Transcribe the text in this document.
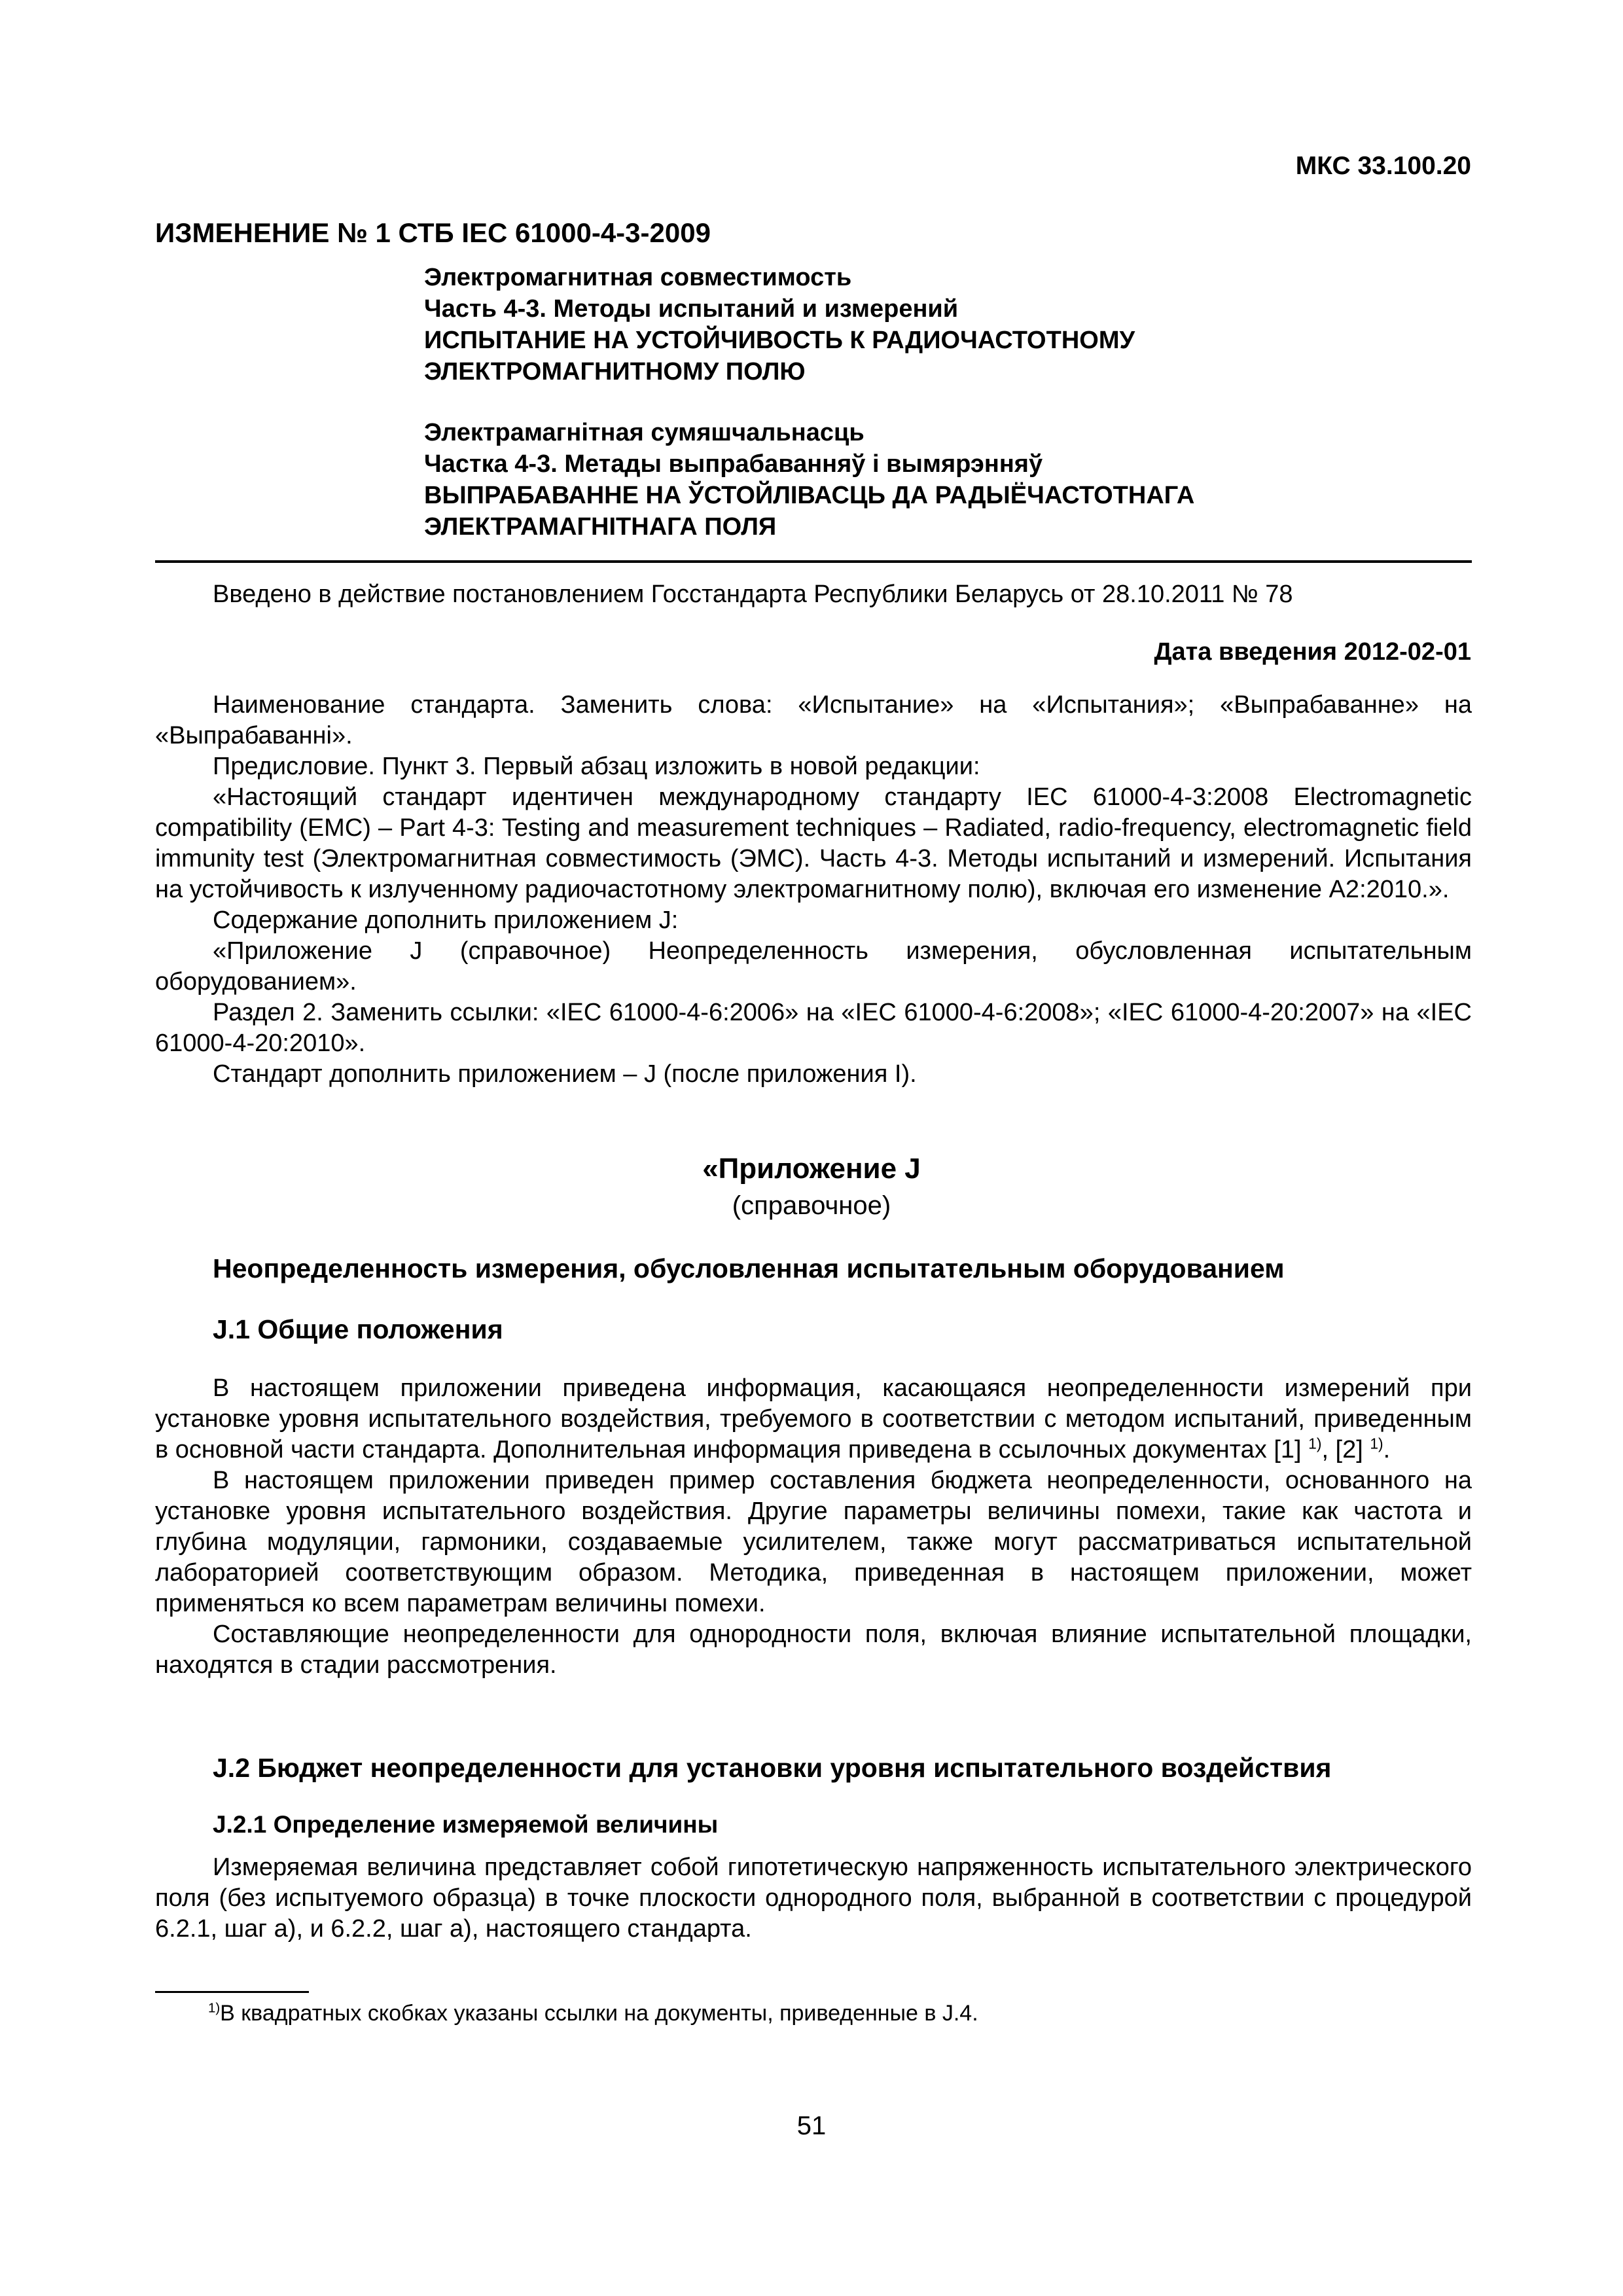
МКС 33.100.20
ИЗМЕНЕНИЕ № 1 СТБ IEC 61000-4-3-2009
Электромагнитная совместимость
Часть 4-3. Методы испытаний и измерений
ИСПЫТАНИЕ НА УСТОЙЧИВОСТЬ К РАДИОЧАСТОТНОМУ
ЭЛЕКТРОМАГНИТНОМУ ПОЛЮ
Электрамагнітная сумяшчальнасць
Частка 4-3. Метады выпрабаванняў і вымярэнняў
ВЫПРАБАВАННЕ НА ЎСТОЙЛІВАСЦЬ ДА РАДЫЁЧАСТОТНАГА
ЭЛЕКТРАМАГНІТНАГА ПОЛЯ

Введено в действие постановлением Госстандарта Республики Беларусь от 28.10.2011 № 78

Дата введения 2012-02-01

Наименование стандарта. Заменить слова: «Испытание» на «Испытания»; «Выпрабаванне» на «Выпрабаванні».

Предисловие. Пункт 3. Первый абзац изложить в новой редакции:

«Настоящий стандарт идентичен международному стандарту IEC 61000-4-3:2008 Electromagnetic compatibility (EMC) – Part 4-3: Testing and measurement techniques – Radiated, radio-frequency, electromagnetic field immunity test (Электромагнитная совместимость (ЭМС). Часть 4-3. Методы испытаний и измерений. Испытания на устойчивость к излученному радиочастотному электромагнитному полю), включая его изменение A2:2010.».

Содержание дополнить приложением J:

«Приложение J (справочное) Неопределенность измерения, обусловленная испытательным оборудованием».

Раздел 2. Заменить ссылки: «IEC 61000-4-6:2006» на «IEC 61000-4-6:2008»; «IEC 61000-4-20:2007» на «IEC 61000-4-20:2010».

Стандарт дополнить приложением – J (после приложения I).

«Приложение J
(справочное)
Неопределенность измерения, обусловленная испытательным оборудованием
J.1 Общие положения

В настоящем приложении приведена информация, касающаяся неопределенности измерений при установке уровня испытательного воздействия, требуемого в соответствии с методом испытаний, приведенным в основной части стандарта. Дополнительная информация приведена в ссылочных документах [1] $^{1)}$, [2] $^{1)}$.

В настоящем приложении приведен пример составления бюджета неопределенности, основанного на установке уровня испытательного воздействия. Другие параметры величины помехи, такие как частота и глубина модуляции, гармоники, создаваемые усилителем, также могут рассматриваться испытательной лабораторией соответствующим образом. Методика, приведенная в настоящем приложении, может применяться ко всем параметрам величины помехи.

Составляющие неопределенности для однородности поля, включая влияние испытательной площадки, находятся в стадии рассмотрения.

J.2 Бюджет неопределенности для установки уровня испытательного воздействия
J.2.1 Определение измеряемой величины

Измеряемая величина представляет собой гипотетическую напряженность испытательного электрического поля (без испытуемого образца) в точке плоскости однородного поля, выбранной в соответствии с процедурой 6.2.1, шаг а), и 6.2.2, шаг а), настоящего стандарта.

$^{1)}$В квадратных скобках указаны ссылки на документы, приведенные в J.4.
51
